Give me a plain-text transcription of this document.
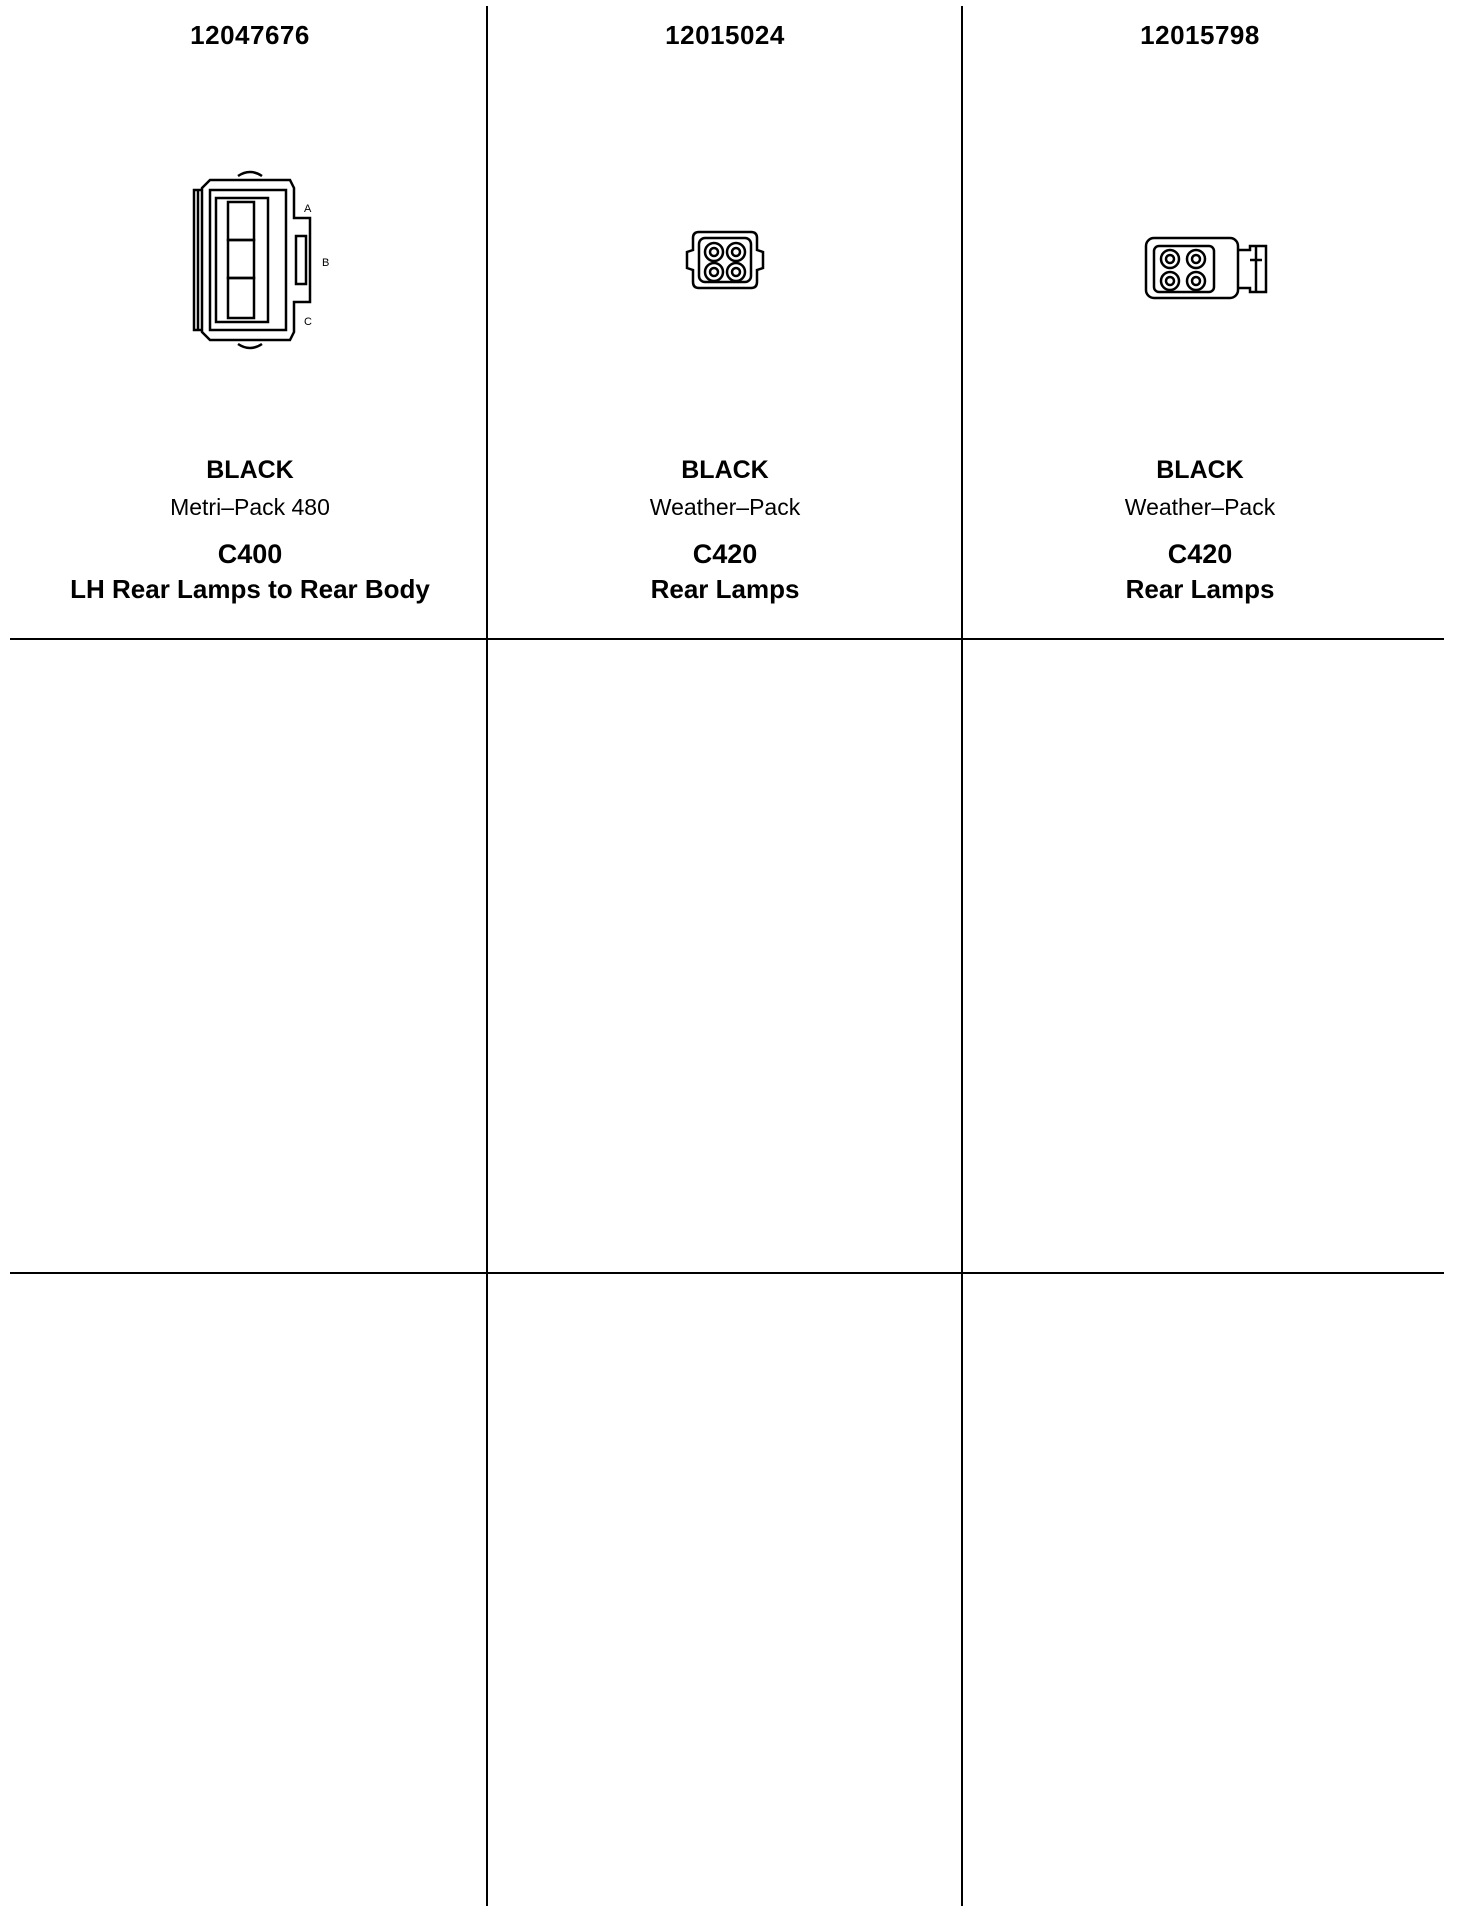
12047676
A
B
C
BLACK
Metri–Pack 480
C400
LH Rear Lamps to Rear Body
12015024
BLACK
Weather–Pack
C420
Rear Lamps
12015798
BLACK
Weather–Pack
C420
Rear Lamps
